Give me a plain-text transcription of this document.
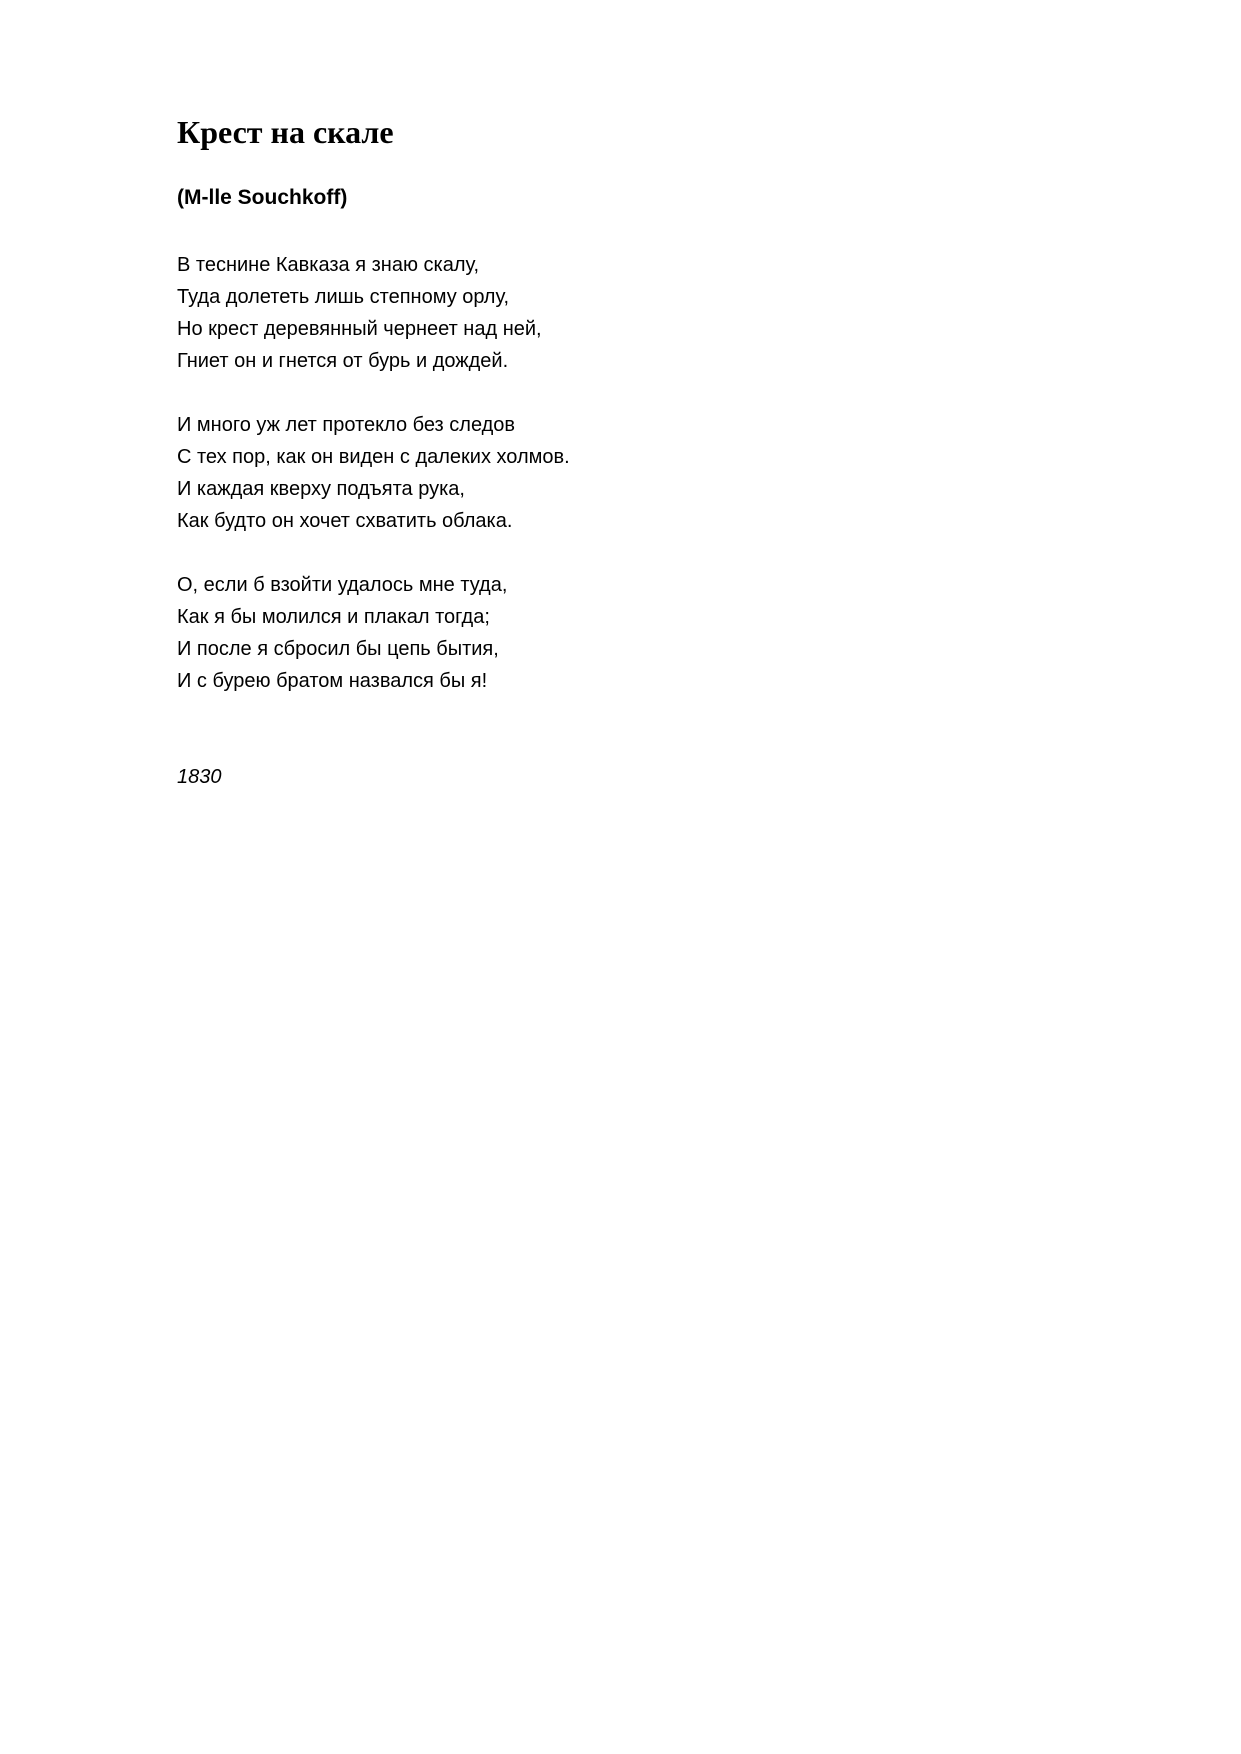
Крест на скале

(M-lle Souchkoff)

В теснине Кавказа я знаю скалу,
Туда долететь лишь степному орлу,
Но крест деревянный чернеет над ней,
Гниет он и гнется от бурь и дождей.
И много уж лет протекло без следов
С тех пор, как он виден с далеких холмов.
И каждая кверху подъята рука,
Как будто он хочет схватить облака.
О, если б взойти удалось мне туда,
Как я бы молился и плакал тогда;
И после я сбросил бы цепь бытия,
И с бурею братом назвался бы я!

1830
